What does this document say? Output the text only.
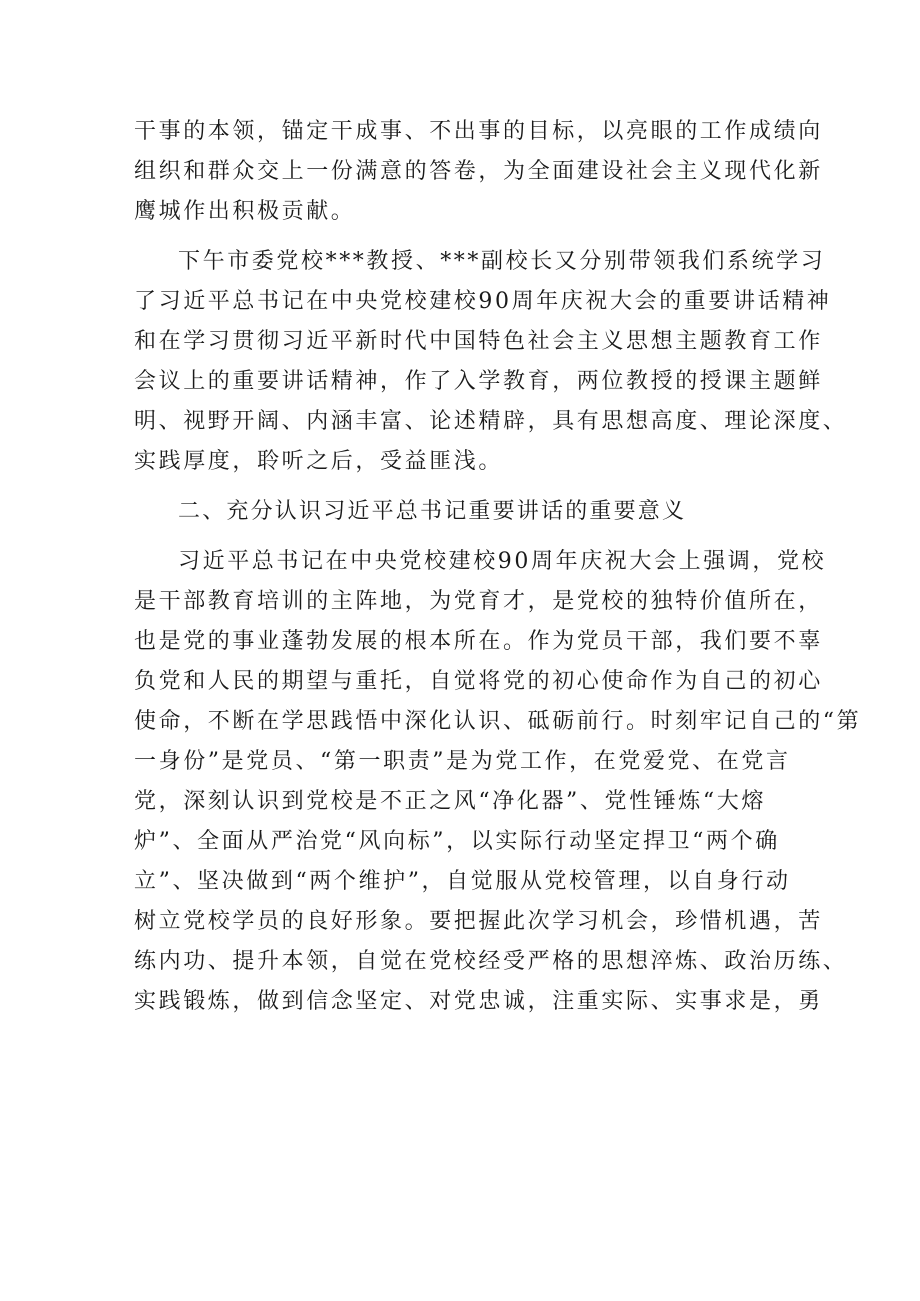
干事的本领，锚定干成事、不出事的目标，以亮眼的工作成绩向
组织和群众交上一份满意的答卷，为全面建设社会主义现代化新
鹰城作出积极贡献。
下午市委党校***教授、***副校长又分别带领我们系统学习
了习近平总书记在中央党校建校90周年庆祝大会的重要讲话精神
和在学习贯彻习近平新时代中国特色社会主义思想主题教育工作
会议上的重要讲话精神，作了入学教育，两位教授的授课主题鲜
明、视野开阔、内涵丰富、论述精辟，具有思想高度、理论深度、
实践厚度，聆听之后，受益匪浅。
二、充分认识习近平总书记重要讲话的重要意义
习近平总书记在中央党校建校90周年庆祝大会上强调，党校
是干部教育培训的主阵地，为党育才，是党校的独特价值所在，
也是党的事业蓬勃发展的根本所在。作为党员干部，我们要不辜
负党和人民的期望与重托，自觉将党的初心使命作为自己的初心
使命，不断在学思践悟中深化认识、砥砺前行。时刻牢记自己的“第
一身份”是党员、“第一职责”是为党工作，在党爱党、在党言
党，深刻认识到党校是不正之风“净化器”、党性锤炼“大熔
炉”、全面从严治党“风向标”，以实际行动坚定捍卫“两个确
立”、坚决做到“两个维护”，自觉服从党校管理，以自身行动
树立党校学员的良好形象。要把握此次学习机会，珍惜机遇，苦
练内功、提升本领，自觉在党校经受严格的思想淬炼、政治历练、
实践锻炼，做到信念坚定、对党忠诚，注重实际、实事求是，勇
